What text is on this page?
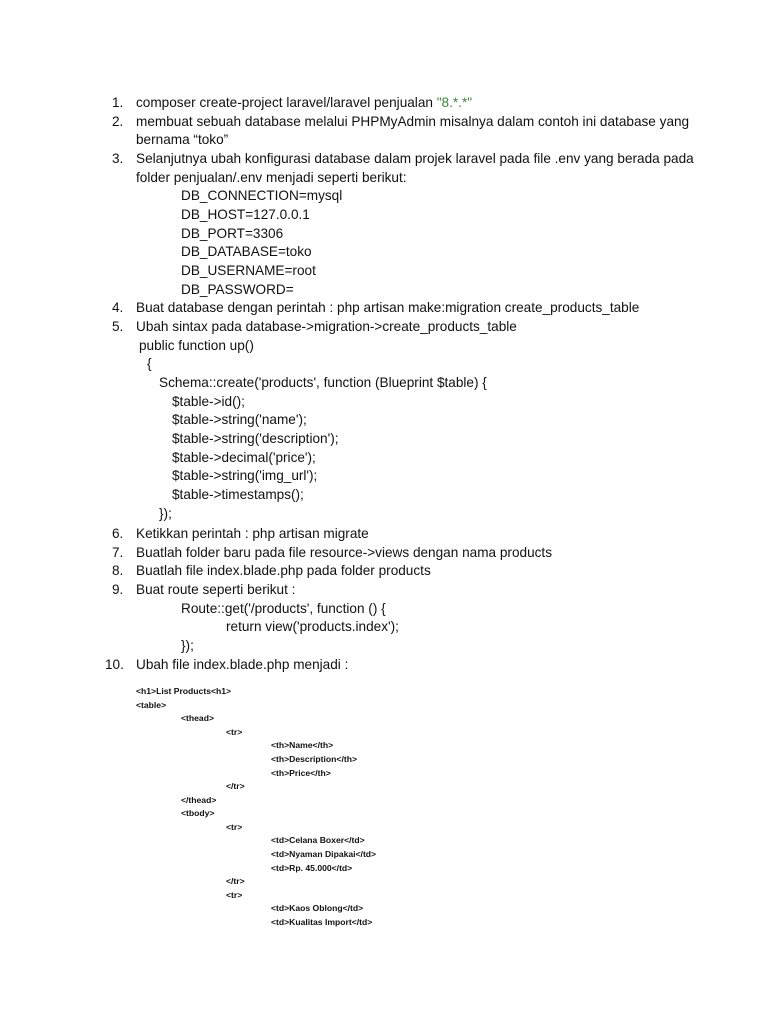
1. composer create-project laravel/laravel penjualan "8.*.*"
2. membuat sebuah database melalui PHPMyAdmin misalnya dalam contoh ini database yang
bernama “toko”
3. Selanjutnya ubah konfigurasi database dalam projek laravel pada file .env yang berada pada
folder penjualan/.env menjadi seperti berikut:
DB_CONNECTION=mysql
DB_HOST=127.0.0.1
DB_PORT=3306
DB_DATABASE=toko
DB_USERNAME=root
DB_PASSWORD=
4. Buat database dengan perintah : php artisan make:migration create_products_table
5. Ubah sintax pada database->migration->create_products_table
public function up()
{
Schema::create('products', function (Blueprint $table) {
$table->id();
$table->string('name');
$table->string('description');
$table->decimal('price');
$table->string('img_url');
$table->timestamps();
});
6. Ketikkan perintah : php artisan migrate
7. Buatlah folder baru pada file resource->views dengan nama products
8. Buatlah file index.blade.php pada folder products
9. Buat route seperti berikut :
Route::get('/products', function () {
return view('products.index');
});
10. Ubah file index.blade.php menjadi :
<h1>List Products<h1>
<table>
<thead>
<tr>
<th>Name</th>
<th>Description</th>
<th>Price</th>
</tr>
</thead>
<tbody>
<tr>
<td>Celana Boxer</td>
<td>Nyaman Dipakai</td>
<td>Rp. 45.000</td>
</tr>
<tr>
<td>Kaos Oblong</td>
<td>Kualitas Import</td>
